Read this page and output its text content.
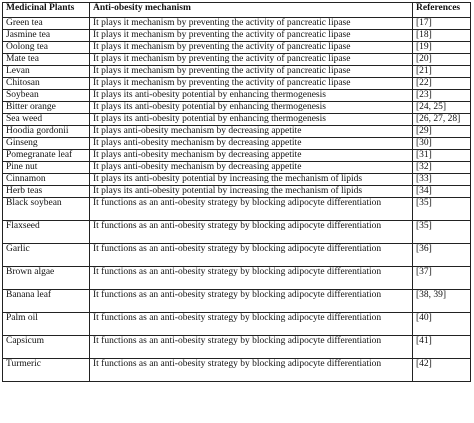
Medicinal Plants	Anti-obesity mechanism	References
Green tea	It plays it mechanism by preventing the activity of pancreatic lipase	[17]
Jasmine tea	It plays it mechanism by preventing the activity of pancreatic lipase	[18]
Oolong tea	It plays it mechanism by preventing the activity of pancreatic lipase	[19]
Mate tea	It plays it mechanism by preventing the activity of pancreatic lipase	[20]
Levan	It plays it mechanism by preventing the activity of pancreatic lipase	[21]
Chitosan	It plays it mechanism by preventing the activity of pancreatic lipase	[22]
Soybean	It plays its anti-obesity potential by enhancing thermogenesis	[23]
Bitter orange	It plays its anti-obesity potential by enhancing thermogenesis	[24, 25]
Sea weed	It plays its anti-obesity potential by enhancing thermogenesis	[26, 27, 28]
Hoodia gordonii	It plays anti-obesity mechanism by decreasing appetite	[29]
Ginseng	It plays anti-obesity mechanism by decreasing appetite	[30]
Pomegranate leaf	It plays anti-obesity mechanism by decreasing appetite	[31]
Pine nut	It plays anti-obesity mechanism by decreasing appetite	[32]
Cinnamon	It plays its anti-obesity potential by increasing the mechanism of lipids	[33]
Herb teas	It plays its anti-obesity potential by increasing the mechanism of lipids	[34]
Black soybean	It functions as an anti-obesity strategy by blocking adipocyte differentiation	[35]
Flaxseed	It functions as an anti-obesity strategy by blocking adipocyte differentiation	[35]
Garlic	It functions as an anti-obesity strategy by blocking adipocyte differentiation	[36]
Brown algae	It functions as an anti-obesity strategy by blocking adipocyte differentiation	[37]
Banana leaf	It functions as an anti-obesity strategy by blocking adipocyte differentiation	[38, 39]
Palm oil	It functions as an anti-obesity strategy by blocking adipocyte differentiation	[40]
Capsicum	It functions as an anti-obesity strategy by blocking adipocyte differentiation	[41]
Turmeric	It functions as an anti-obesity strategy by blocking adipocyte differentiation	[42]
